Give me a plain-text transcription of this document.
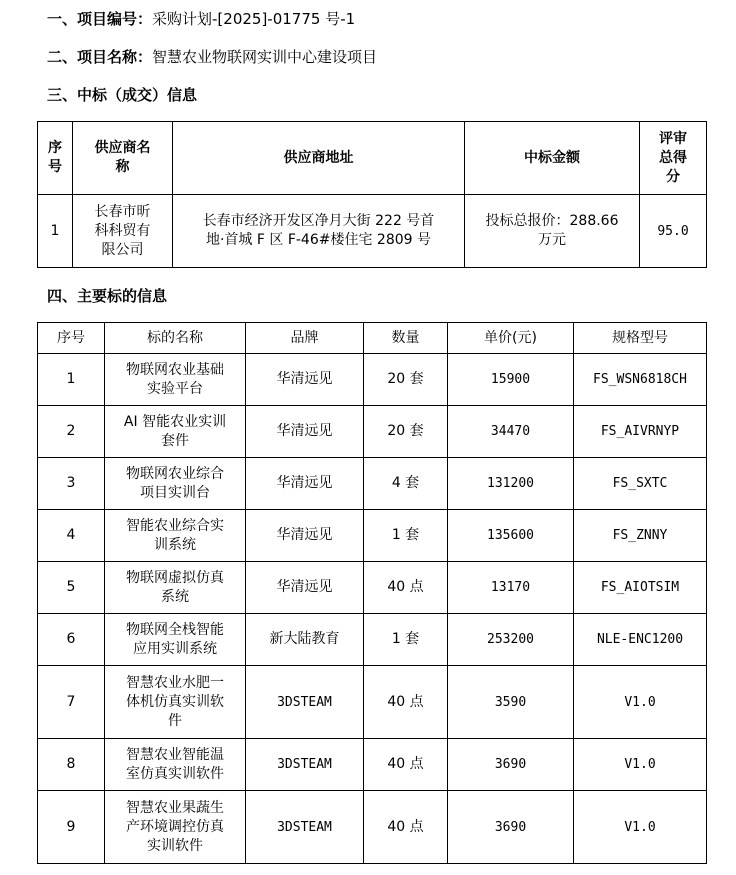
一、项目编号：采购计划-[2025]-01775 号-1
二、项目名称：智慧农业物联网实训中心建设项目
三、中标（成交）信息
序
号	供应商名
称	供应商地址	中标金额	评审
总得
分
1	长春市昕
科科贸有
限公司	长春市经济开发区净月大街 222 号首
地·首城 F 区 F-46#楼住宅 2809 号	投标总报价：288.66
万元	95.0
四、主要标的信息
序号	标的名称	品牌	数量	单价(元)	规格型号
1	物联网农业基础
实验平台	华清远见	20 套	15900	FS_WSN6818CH
2	AI 智能农业实训
套件	华清远见	20 套	34470	FS_AIVRNYP
3	物联网农业综合
项目实训台	华清远见	4 套	131200	FS_SXTC
4	智能农业综合实
训系统	华清远见	1 套	135600	FS_ZNNY
5	物联网虚拟仿真
系统	华清远见	40 点	13170	FS_AIOTSIM
6	物联网全栈智能
应用实训系统	新大陆教育	1 套	253200	NLE-ENC1200
7	智慧农业水肥一
体机仿真实训软
件	3DSTEAM	40 点	3590	V1.0
8	智慧农业智能温
室仿真实训软件	3DSTEAM	40 点	3690	V1.0
9	智慧农业果蔬生
产环境调控仿真
实训软件	3DSTEAM	40 点	3690	V1.0
